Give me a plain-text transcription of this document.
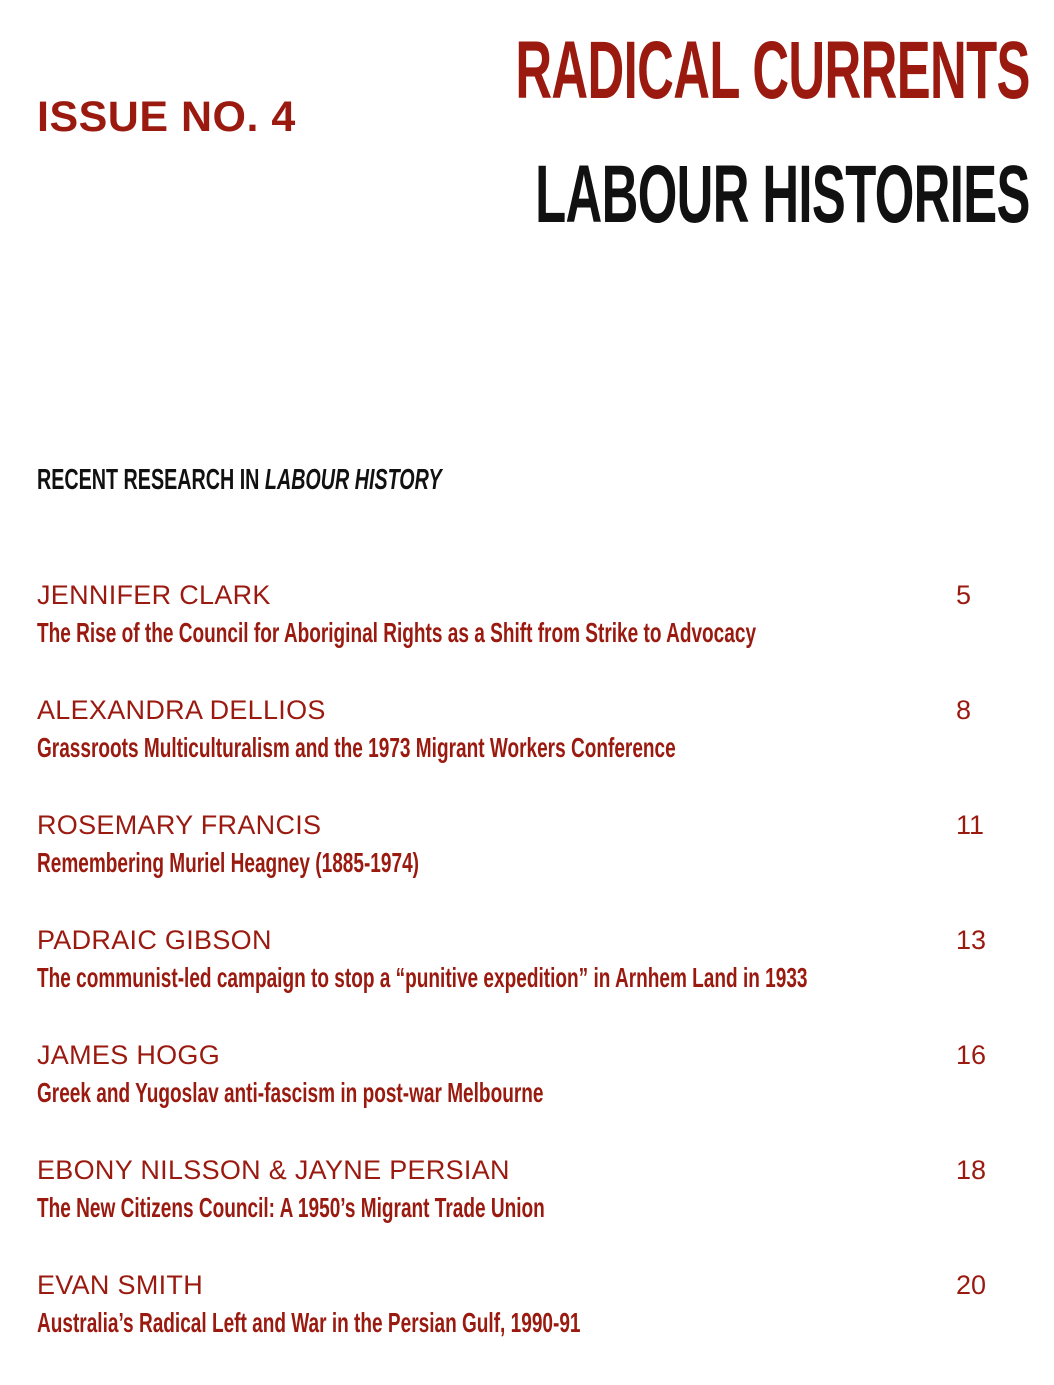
ISSUE NO. 4
RADICAL CURRENTS
LABOUR HISTORIES
RECENT RESEARCH IN LABOUR HISTORY
JENNIFER CLARK	5
The Rise of the Council for Aboriginal Rights as a Shift from Strike to Advocacy
ALEXANDRA DELLIOS	8
Grassroots Multiculturalism and the 1973 Migrant Workers Conference
ROSEMARY FRANCIS	11
Remembering Muriel Heagney (1885-1974)
PADRAIC GIBSON	13
The communist-led campaign to stop a “punitive expedition” in Arnhem Land in 1933
JAMES HOGG	16
Greek and Yugoslav anti-fascism in post-war Melbourne
EBONY NILSSON & JAYNE PERSIAN	18
The New Citizens Council: A 1950’s Migrant Trade Union
EVAN SMITH	20
Australia’s Radical Left and War in the Persian Gulf, 1990-91
